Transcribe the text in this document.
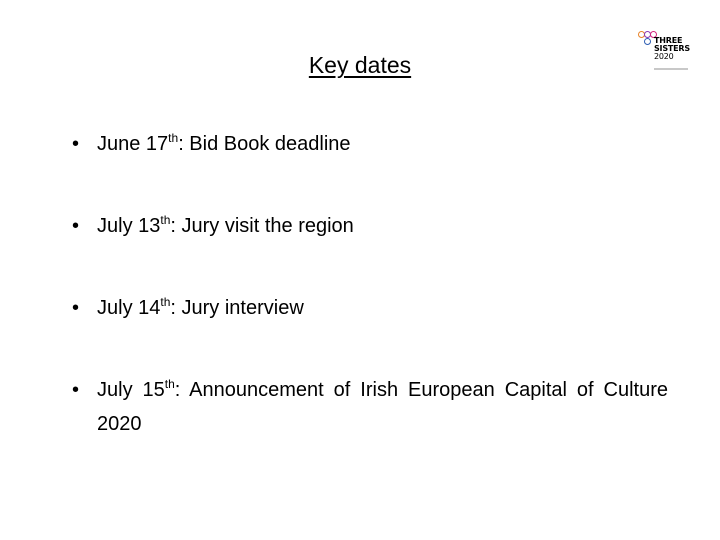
Key dates
THREE
SISTERS
2020
• June 17th: Bid Book deadline
• July 13th: Jury visit the region
• July 14th: Jury interview
• July 15th: Announcement of Irish European Capital of Culture 2020
